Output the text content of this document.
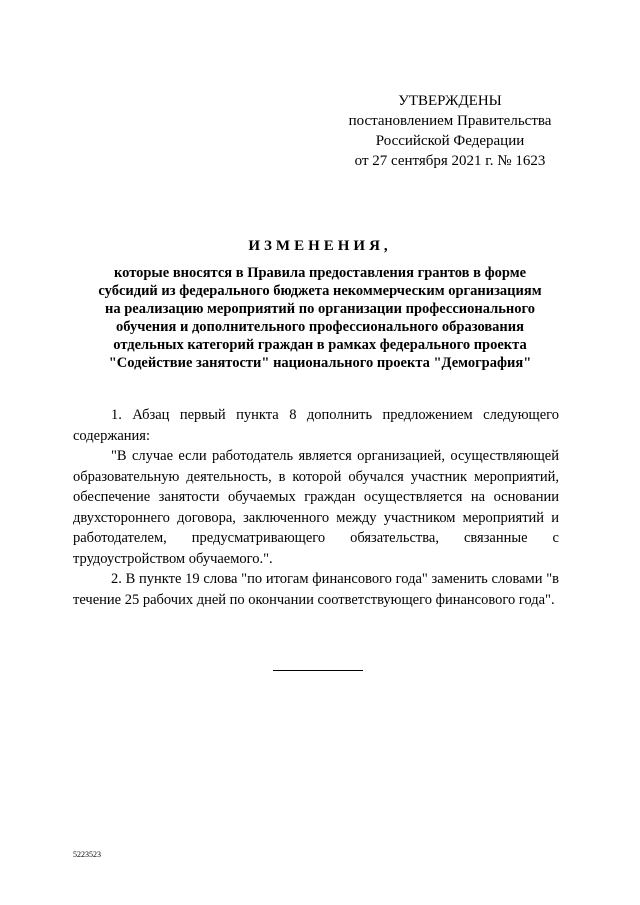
УТВЕРЖДЕНЫ
постановлением Правительства
Российской Федерации
от 27 сентября 2021 г. № 1623
ИЗМЕНЕНИЯ,
которые вносятся в Правила предоставления грантов в форме
субсидий из федерального бюджета некоммерческим организациям
на реализацию мероприятий по организации профессионального
обучения и дополнительного профессионального образования
отдельных категорий граждан в рамках федерального проекта
"Содействие занятости" национального проекта "Демография"

1. Абзац первый пункта 8 дополнить предложением следующего содержания:

"В случае если работодатель является организацией, осуществляющей образовательную деятельность, в которой обучался участник мероприятий, обеспечение занятости обучаемых граждан осуществляется на основании двухстороннего договора, заключенного между участником мероприятий и работодателем, предусматривающего обязательства, связанные с трудоустройством обучаемого.".

2. В пункте 19 слова "по итогам финансового года" заменить словами "в течение 25 рабочих дней по окончании соответствующего финансового года".

5223523
